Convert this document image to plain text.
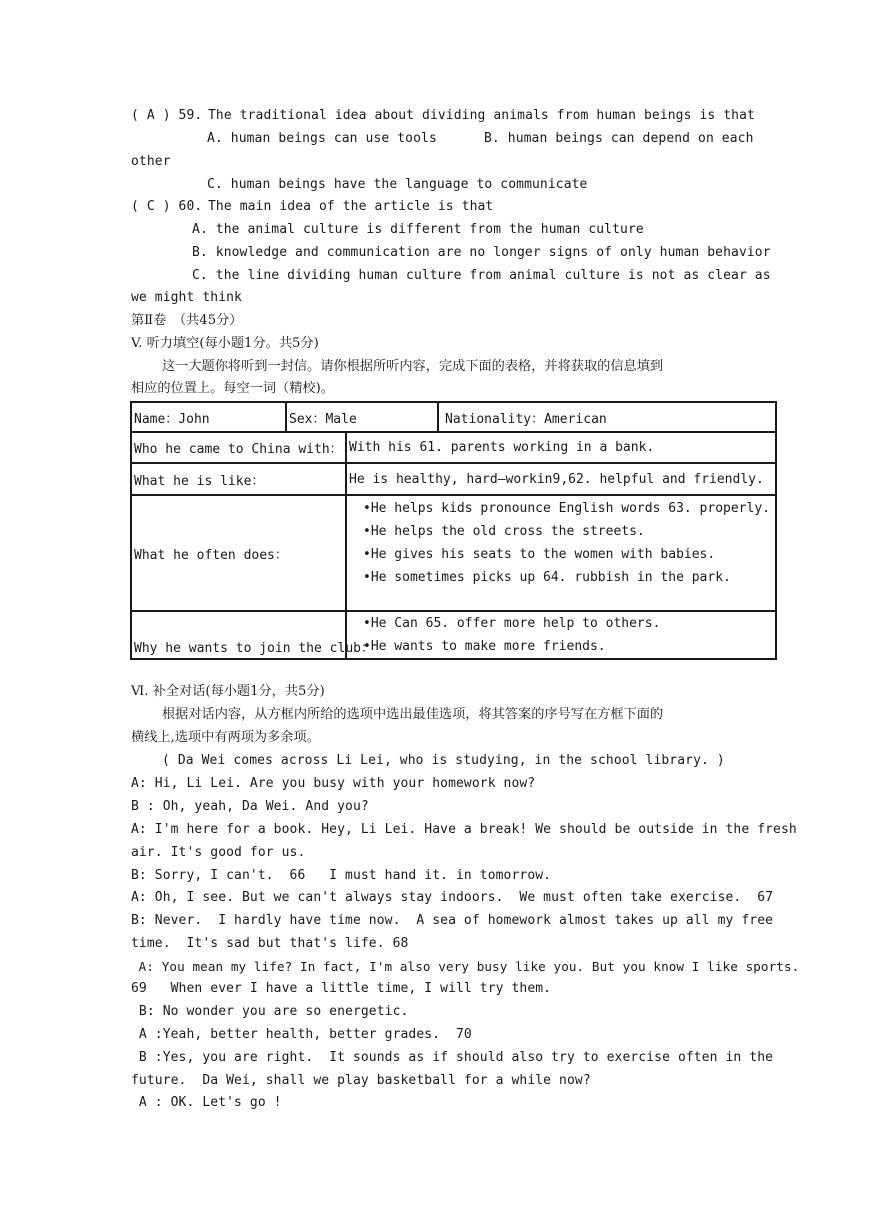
( A ) 59. The traditional idea about dividing animals from human beings is that
A. human beings can use tools	B. human beings can depend on each
other
C. human beings have the language to communicate
( C ) 60. The main idea of the article is that
A. the animal culture is different from the human culture
B. knowledge and communication are no longer signs of only human behavior
C. the line dividing human culture from animal culture is not as clear as
we might think
第Ⅱ卷　（共45分）
V. 听力填空(每小题1分。共5分)
这一大题你将听到一封信。请你根据所听内容，完成下面的表格，并将获取的信息填到
相应的位置上。每空一词（精校)。
Name：John	Sex：Male		Nationality：American
Who he came to China with：		With his 61. parents working in a bank.	
What he is like：		He is healthy, hard—workin9,62. helpful and friendly.	
What he often does：		•He helps kids pronounce English words 63. properly.
•He helps the old cross the streets.
•He gives his seats to the women with babies.
•He sometimes picks up 64. rubbish in the park.	

Why he wants to join the club：		•He Can 65. offer more help to others.
•He wants to make more friends.	
Ⅵ. 补全对话(每小题1分，共5分)
根据对话内容，从方框内所给的选项中选出最佳选项，将其答案的序号写在方框下面的
横线上,选项中有两项为多余项。
( Da Wei comes across Li Lei, who is studying, in the school library. )
A: Hi, Li Lei. Are you busy with your homework now?
B : Oh, yeah, Da Wei. And you?
A: I'm here for a book. Hey, Li Lei. Have a break! We should be outside in the fresh
air. It's good for us.
B: Sorry, I can't.  66   I must hand it. in tomorrow.
A: Oh, I see. But we can't always stay indoors.  We must often take exercise.  67
B: Never.  I hardly have time now.  A sea of homework almost takes up all my free
time.  It's sad but that's life. 68
A: You mean my life? In fact, I'm also very busy like you. But you know I like sports.
69   When ever I have a little time, I will try them.
B: No wonder you are so energetic.
A :Yeah, better health, better grades.  70
B :Yes, you are right.  It sounds as if should also try to exercise often in the
future.  Da Wei, shall we play basketball for a while now?
A : OK. Let's go !
